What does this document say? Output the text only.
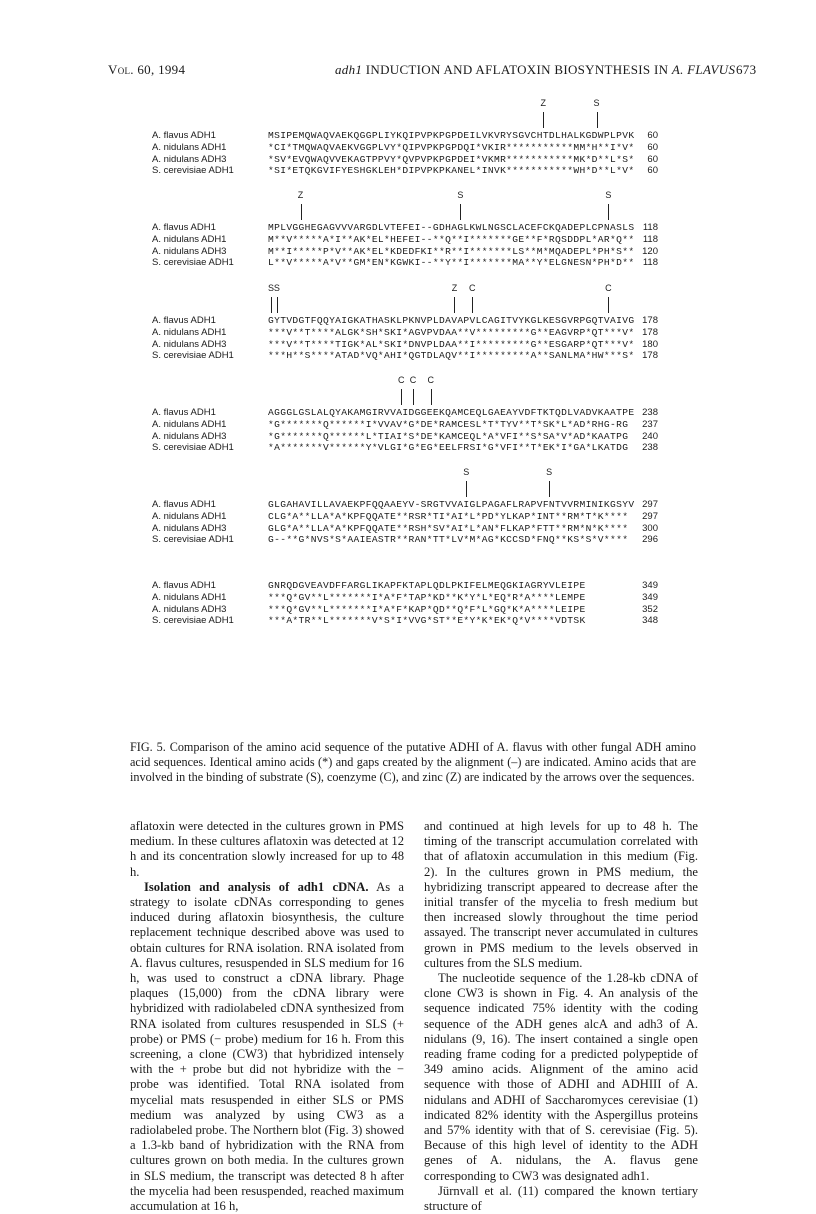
Vol. 60, 1994	adh1 INDUCTION AND AFLATOXIN BIOSYNTHESIS IN A. FLAVUS 673
Z	S
A. flavus ADH1	MSIPEMQWAQVAEKQGGPLIYKQIPVPKPGPDEILVKVRYSGVCHTDLHALKGDWPLPVK	60
A. nidulans ADH1	*CI*TMQWAQVAEKVGGPLVY*QIPVPKPGPDQI*VKIR***********MM*H**I*V*	60
A. nidulans ADH3	*SV*EVQWAQVVEKAGTPPVY*QVPVPKPGPDEI*VKMR***********MK*D**L*S*	60
S. cerevisiae ADH1	*SI*ETQKGVIFYESHGKLEH*DIPVPKPKANEL*INVK***********WH*D**L*V*	60
Z	S	S
A. flavus ADH1	MPLVGGHEGAGVVVARGDLVTEFEI--GDHAGLKWLNGSCLACEFCKQADEPLCPNASLS 118
A. nidulans ADH1	M**V*****A*I**AK*EL*HEFEI--**Q**I*******GE**F*RQSDDPL*AR*Q** 118
A. nidulans ADH3	M**I*****P*V**AK*EL*KDEDFKI**R**I*******LS**M*MQADEPL*PH*S** 120
S. cerevisiae ADH1	L**V*****A*V**GM*EN*KGWKI--**Y**I*******MA**Y*ELGNESN*PH*D** 118
S S	Z C	C
A. flavus ADH1	GYTVDGTFQQYAIGKATHASKLPKNVPLDAVAPVLCAGITVYKGLKESGVRPGQTVAIVG 178
A. nidulans ADH1	***V**T****ALGK*SH*SKI*AGVPVDAA**V*********G**EAGVRP*QT***V* 178
A. nidulans ADH3	***V**T****TIGK*AL*SKI*DNVPLDAA**I*********G**ESGARP*QT***V* 180
S. cerevisiae ADH1	***H**S****ATAD*VQ*AHI*QGTDLAQV**I*********A**SANLMA*HW***S* 178
C C C
A. flavus ADH1	AGGGLGSLALQYAKAMGIRVVAIDGGEEKQAMCEQLGAEAYVDFTKTQDLVADVKAATPE 238
A. nidulans ADH1	*G*******Q******I*VVAV*G*DE*RAMCESL*T*TYV**T*SK*L*AD*RHG-RG	237
A. nidulans ADH3	*G*******Q******L*TIAI*S*DE*KAMCEQL*A*VFI**S*SA*V*AD*KAATPG	240
S. cerevisiae ADH1	*A*******V******Y*VLGI*G*EG*EELFRSI*G*VFI**T*EK*I*GA*LKATDG	238
S	S
A. flavus ADH1	GLGAHAVILLAVAEKPFQQAAEYV-SRGTVVAIGLPAGAFLRAPVFNTVVRMINIKGSYV 297
A. nidulans ADH1	CLG*A**LLA*A*KPFQQATE**RSR*TI*AI*L*PD*YLKAP*INT**RM*T*K****	297
A. nidulans ADH3	GLG*A**LLA*A*KPFQQATE**RSH*SV*AI*L*AN*FLKAP*FTT**RM*N*K****	300
S. cerevisiae ADH1	G--**G*NVS*S*AAIEASTR**RAN*TT*LV*M*AG*KCCSD*FNQ**KS*S*V****	296
A. flavus ADH1	GNRQDGVEAVDFFARGLIKAPFKTAPLQDLPKIFELMEQGKIAGRYVLEIPE	349
A. nidulans ADH1	***Q*GV**L*******I*A*F*TAP*KD**K*Y*L*EQ*R*A****LEMPE	349
A. nidulans ADH3	***Q*GV**L*******I*A*F*KAP*QD**Q*F*L*GQ*K*A****LEIPE	352
S. cerevisiae ADH1	***A*TR**L*******V*S*I*VVG*ST**E*Y*K*EK*Q*V****VDTSK	348
FIG. 5. Comparison of the amino acid sequence of the putative ADHI of A. flavus with other fungal ADH amino acid sequences. Identical amino acids (*) and gaps created by the alignment (–) are indicated. Amino acids that are involved in the binding of substrate (S), coenzyme (C), and zinc (Z) are indicated by the arrows over the sequences.

aflatoxin were detected in the cultures grown in PMS medium. In these cultures aflatoxin was detected at 12 h and its concentration slowly increased for up to 48 h.

Isolation and analysis of adh1 cDNA. As a strategy to isolate cDNAs corresponding to genes induced during aflatoxin biosynthesis, the culture replacement technique described above was used to obtain cultures for RNA isolation. RNA isolated from A. flavus cultures, resuspended in SLS medium for 16 h, was used to construct a cDNA library. Phage plaques (15,000) from the cDNA library were hybridized with radiolabeled cDNA synthesized from RNA isolated from cultures resuspended in SLS (+ probe) or PMS (− probe) medium for 16 h. From this screening, a clone (CW3) that hybridized intensely with the + probe but did not hybridize with the − probe was identified. Total RNA isolated from mycelial mats resuspended in either SLS or PMS medium was analyzed by using CW3 as a radiolabeled probe. The Northern blot (Fig. 3) showed a 1.3-kb band of hybridization with the RNA from cultures grown on both media. In the cultures grown in SLS medium, the transcript was detected 8 h after the mycelia had been resuspended, reached maximum accumulation at 16 h,

and continued at high levels for up to 48 h. The timing of the transcript accumulation correlated with that of aflatoxin accumulation in this medium (Fig. 2). In the cultures grown in PMS medium, the hybridizing transcript appeared to decrease after the initial transfer of the mycelia to fresh medium but then increased slowly throughout the time period assayed. The transcript never accumulated in cultures grown in PMS medium to the levels observed in cultures from the SLS medium.

The nucleotide sequence of the 1.28-kb cDNA of clone CW3 is shown in Fig. 4. An analysis of the sequence indicated 75% identity with the coding sequence of the ADH genes alcA and adh3 of A. nidulans (9, 16). The insert contained a single open reading frame coding for a predicted polypeptide of 349 amino acids. Alignment of the amino acid sequence with those of ADHI and ADHIII of A. nidulans and ADHI of Saccharomyces cerevisiae (1) indicated 82% identity with the Aspergillus proteins and 57% identity with that of S. cerevisiae (Fig. 5). Because of this high level of identity to the ADH genes of A. nidulans, the A. flavus gene corresponding to CW3 was designated adh1.

Jürnvall et al. (11) compared the known tertiary structure of
